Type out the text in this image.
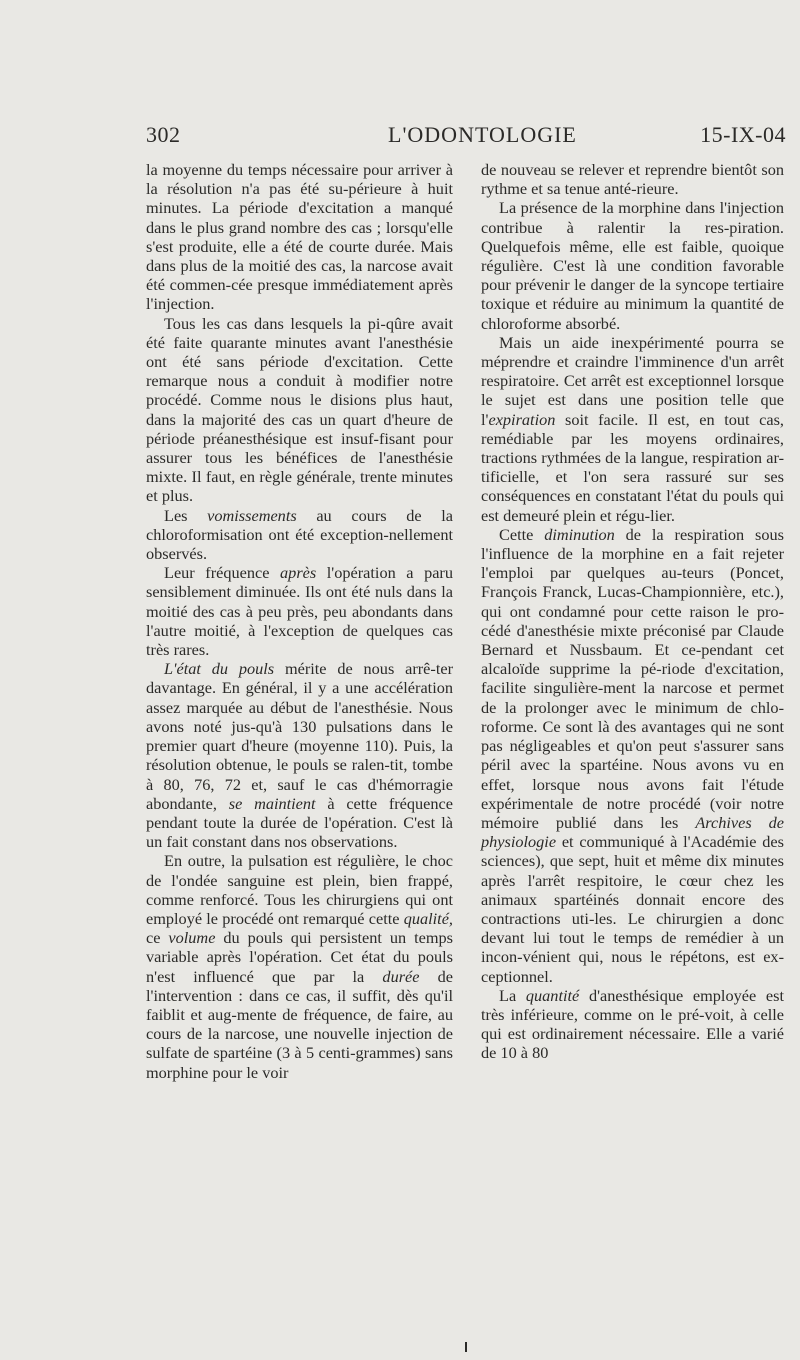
302	L'ODONTOLOGIE	15-IX-04

la moyenne du temps nécessaire pour arriver à la résolution n'a pas été su-périeure à huit minutes. La période d'excitation a manqué dans le plus grand nombre des cas ; lorsqu'elle s'est produite, elle a été de courte durée. Mais dans plus de la moitié des cas, la narcose avait été commen-cée presque immédiatement après l'injection.

Tous les cas dans lesquels la pi-qûre avait été faite quarante minutes avant l'anesthésie ont été sans période d'excitation. Cette remarque nous a conduit à modifier notre procédé. Comme nous le disions plus haut, dans la majorité des cas un quart d'heure de période préanesthésique est insuf-fisant pour assurer tous les bénéfices de l'anesthésie mixte. Il faut, en règle générale, trente minutes et plus.

Les vomissements au cours de la chloroformisation ont été exception-nellement observés.

Leur fréquence après l'opération a paru sensiblement diminuée. Ils ont été nuls dans la moitié des cas à peu près, peu abondants dans l'autre moitié, à l'exception de quelques cas très rares.

L'état du pouls mérite de nous arrê-ter davantage. En général, il y a une accélération assez marquée au début de l'anesthésie. Nous avons noté jus-qu'à 130 pulsations dans le premier quart d'heure (moyenne 110). Puis, la résolution obtenue, le pouls se ralen-tit, tombe à 80, 76, 72 et, sauf le cas d'hémorragie abondante, se maintient à cette fréquence pendant toute la durée de l'opération. C'est là un fait constant dans nos observations.

En outre, la pulsation est régulière, le choc de l'ondée sanguine est plein, bien frappé, comme renforcé. Tous les chirurgiens qui ont employé le procédé ont remarqué cette qualité, ce volume du pouls qui persistent un temps variable après l'opération. Cet état du pouls n'est influencé que par la durée de l'intervention : dans ce cas, il suffit, dès qu'il faiblit et aug-mente de fréquence, de faire, au cours de la narcose, une nouvelle injection de sulfate de spartéine (3 à 5 centi-grammes) sans morphine pour le voir

de nouveau se relever et reprendre bientôt son rythme et sa tenue anté-rieure.

La présence de la morphine dans l'injection contribue à ralentir la res-piration. Quelquefois même, elle est faible, quoique régulière. C'est là une condition favorable pour prévenir le danger de la syncope tertiaire toxique et réduire au minimum la quantité de chloroforme absorbé.

Mais un aide inexpérimenté pourra se méprendre et craindre l'imminence d'un arrêt respiratoire. Cet arrêt est exceptionnel lorsque le sujet est dans une position telle que l'expiration soit facile. Il est, en tout cas, remédiable par les moyens ordinaires, tractions rythmées de la langue, respiration ar-tificielle, et l'on sera rassuré sur ses conséquences en constatant l'état du pouls qui est demeuré plein et régu-lier.

Cette diminution de la respiration sous l'influence de la morphine en a fait rejeter l'emploi par quelques au-teurs (Poncet, François Franck, Lucas-Championnière, etc.), qui ont condamné pour cette raison le pro-cédé d'anesthésie mixte préconisé par Claude Bernard et Nussbaum. Et ce-pendant cet alcaloïde supprime la pé-riode d'excitation, facilite singulière-ment la narcose et permet de la prolonger avec le minimum de chlo-roforme. Ce sont là des avantages qui ne sont pas négligeables et qu'on peut s'assurer sans péril avec la spartéine. Nous avons vu en effet, lorsque nous avons fait l'étude expérimentale de notre procédé (voir notre mémoire publié dans les Archives de physiologie et communiqué à l'Académie des sciences), que sept, huit et même dix minutes après l'arrêt respitoire, le cœur chez les animaux spartéinés donnait encore des contractions uti-les. Le chirurgien a donc devant lui tout le temps de remédier à un incon-vénient qui, nous le répétons, est ex-ceptionnel.

La quantité d'anesthésique employée est très inférieure, comme on le pré-voit, à celle qui est ordinairement nécessaire. Elle a varié de 10 à 80
